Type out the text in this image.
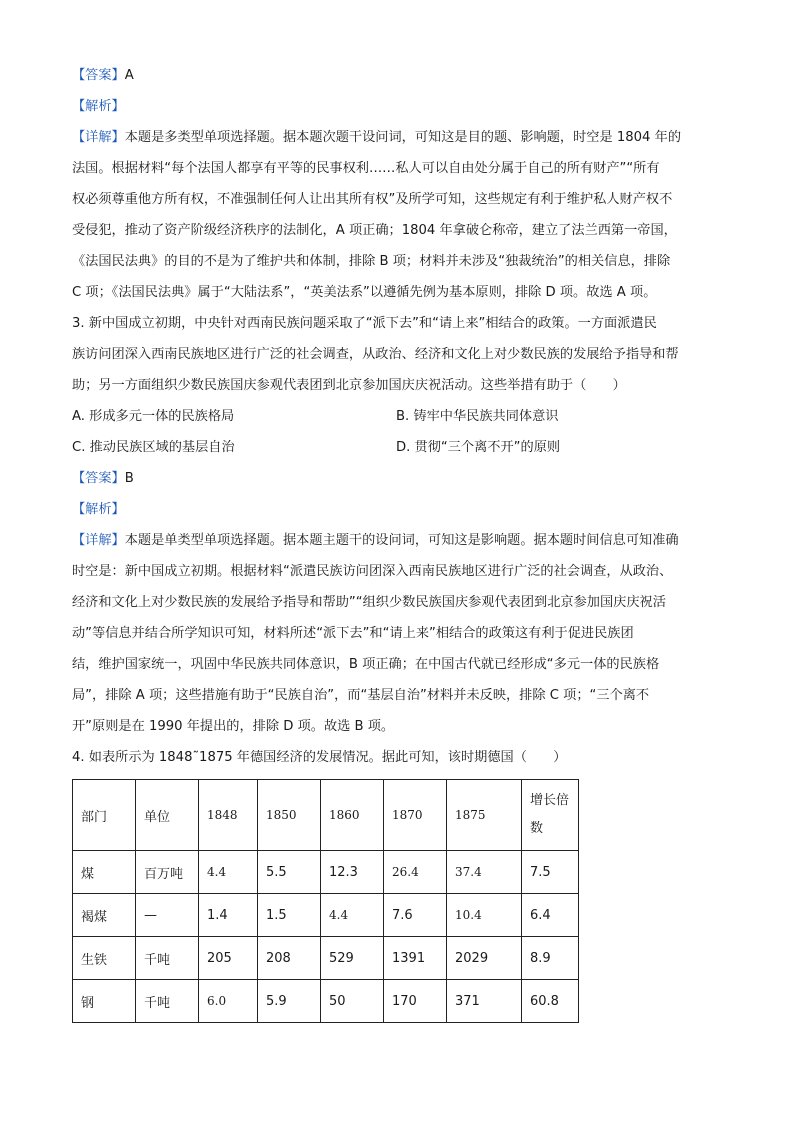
【答案】A

【解析】

【详解】本题是多类型单项选择题。据本题次题干设问词，可知这是目的题、影响题，时空是 1804 年的

法国。根据材料“每个法国人都享有平等的民事权利……私人可以自由处分属于自己的所有财产”“所有

权必须尊重他方所有权，不准强制任何人让出其所有权”及所学可知，这些规定有利于维护私人财产权不

受侵犯，推动了资产阶级经济秩序的法制化，A 项正确；1804 年拿破仑称帝，建立了法兰西第一帝国，

《法国民法典》的目的不是为了维护共和体制，排除 B 项；材料并未涉及“独裁统治”的相关信息，排除

C 项；《法国民法典》属于“大陆法系”，“英美法系”以遵循先例为基本原则，排除 D 项。故选 A 项。

3. 新中国成立初期，中央针对西南民族问题采取了“派下去”和“请上来”相结合的政策。一方面派遣民

族访问团深入西南民族地区进行广泛的社会调查，从政治、经济和文化上对少数民族的发展给予指导和帮

助；另一方面组织少数民族国庆参观代表团到北京参加国庆庆祝活动。这些举措有助于（　　）

A. 形成多元一体的民族格局	B. 铸牢中华民族共同体意识
C. 推动民族区域的基层自治	D. 贯彻“三个离不开”的原则

【答案】B

【解析】

【详解】本题是单类型单项选择题。据本题主题干的设问词，可知这是影响题。据本题时间信息可知准确

时空是：新中国成立初期。根据材料“派遣民族访问团深入西南民族地区进行广泛的社会调查，从政治、

经济和文化上对少数民族的发展给予指导和帮助”“组织少数民族国庆参观代表团到北京参加国庆庆祝活

动”等信息并结合所学知识可知，材料所述“派下去”和“请上来”相结合的政策这有利于促进民族团

结，维护国家统一，巩固中华民族共同体意识，B 项正确；在中国古代就已经形成“多元一体的民族格

局”，排除 A 项；这些措施有助于“民族自治”，而“基层自治”材料并未反映，排除 C 项；“三个离不

开”原则是在 1990 年提出的，排除 D 项。故选 B 项。

4. 如表所示为 1848˜1875 年德国经济的发展情况。据此可知，该时期德国（　　）

部门	单位	1848	1850	1860	1870	1875	增长倍数
煤	百万吨	4.4	5.5	12.3	26.4	37.4	7.5
褐煤	—	1.4	1.5	4.4	7.6	10.4	6.4
生铁	千吨	205	208	529	1391	2029	8.9
钢	千吨	6.0	5.9	50	170	371	60.8
